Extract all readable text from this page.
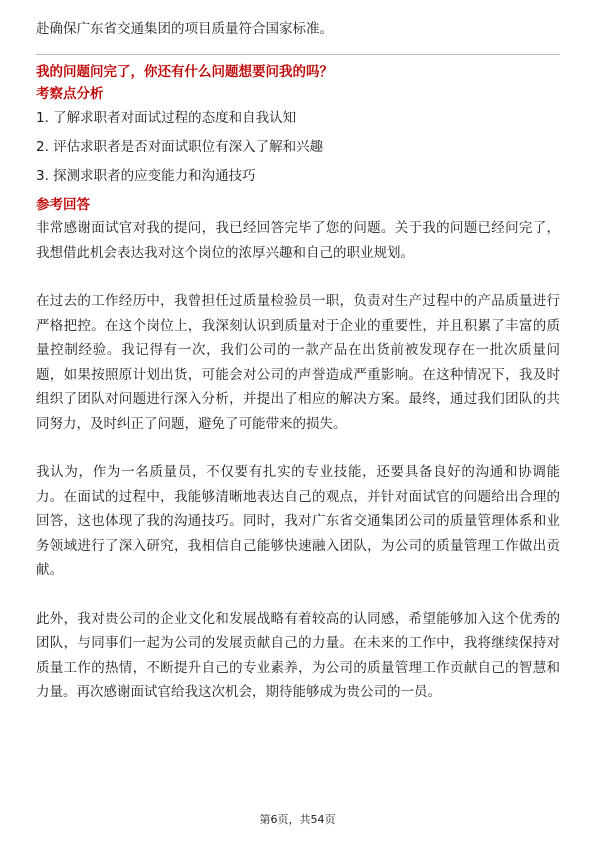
赴确保广东省交通集团的项目质量符合国家标准。

我的问题问完了，你还有什么问题想要问我的吗？

考察点分析
1. 了解求职者对面试过程的态度和自我认知
2. 评估求职者是否对面试职位有深入了解和兴趣
3. 探测求职者的应变能力和沟通技巧
参考回答

非常感谢面试官对我的提问，我已经回答完毕了您的问题。关于我的问题已经问完了，我想借此机会表达我对这个岗位的浓厚兴趣和自己的职业规划。

在过去的工作经历中，我曾担任过质量检验员一职，负责对生产过程中的产品质量进行严格把控。在这个岗位上，我深刻认识到质量对于企业的重要性，并且积累了丰富的质量控制经验。我记得有一次，我们公司的一款产品在出货前被发现存在一批次质量问题，如果按照原计划出货，可能会对公司的声誉造成严重影响。在这种情况下，我及时组织了团队对问题进行深入分析，并提出了相应的解决方案。最终，通过我们团队的共同努力，及时纠正了问题，避免了可能带来的损失。

我认为，作为一名质量员，不仅要有扎实的专业技能，还要具备良好的沟通和协调能力。在面试的过程中，我能够清晰地表达自己的观点，并针对面试官的问题给出合理的回答，这也体现了我的沟通技巧。同时，我对广东省交通集团公司的质量管理体系和业务领域进行了深入研究，我相信自己能够快速融入团队，为公司的质量管理工作做出贡献。

此外，我对贵公司的企业文化和发展战略有着较高的认同感，希望能够加入这个优秀的团队，与同事们一起为公司的发展贡献自己的力量。在未来的工作中，我将继续保持对质量工作的热情，不断提升自己的专业素养，为公司的质量管理工作贡献自己的智慧和力量。再次感谢面试官给我这次机会，期待能够成为贵公司的一员。

第6页，共54页
